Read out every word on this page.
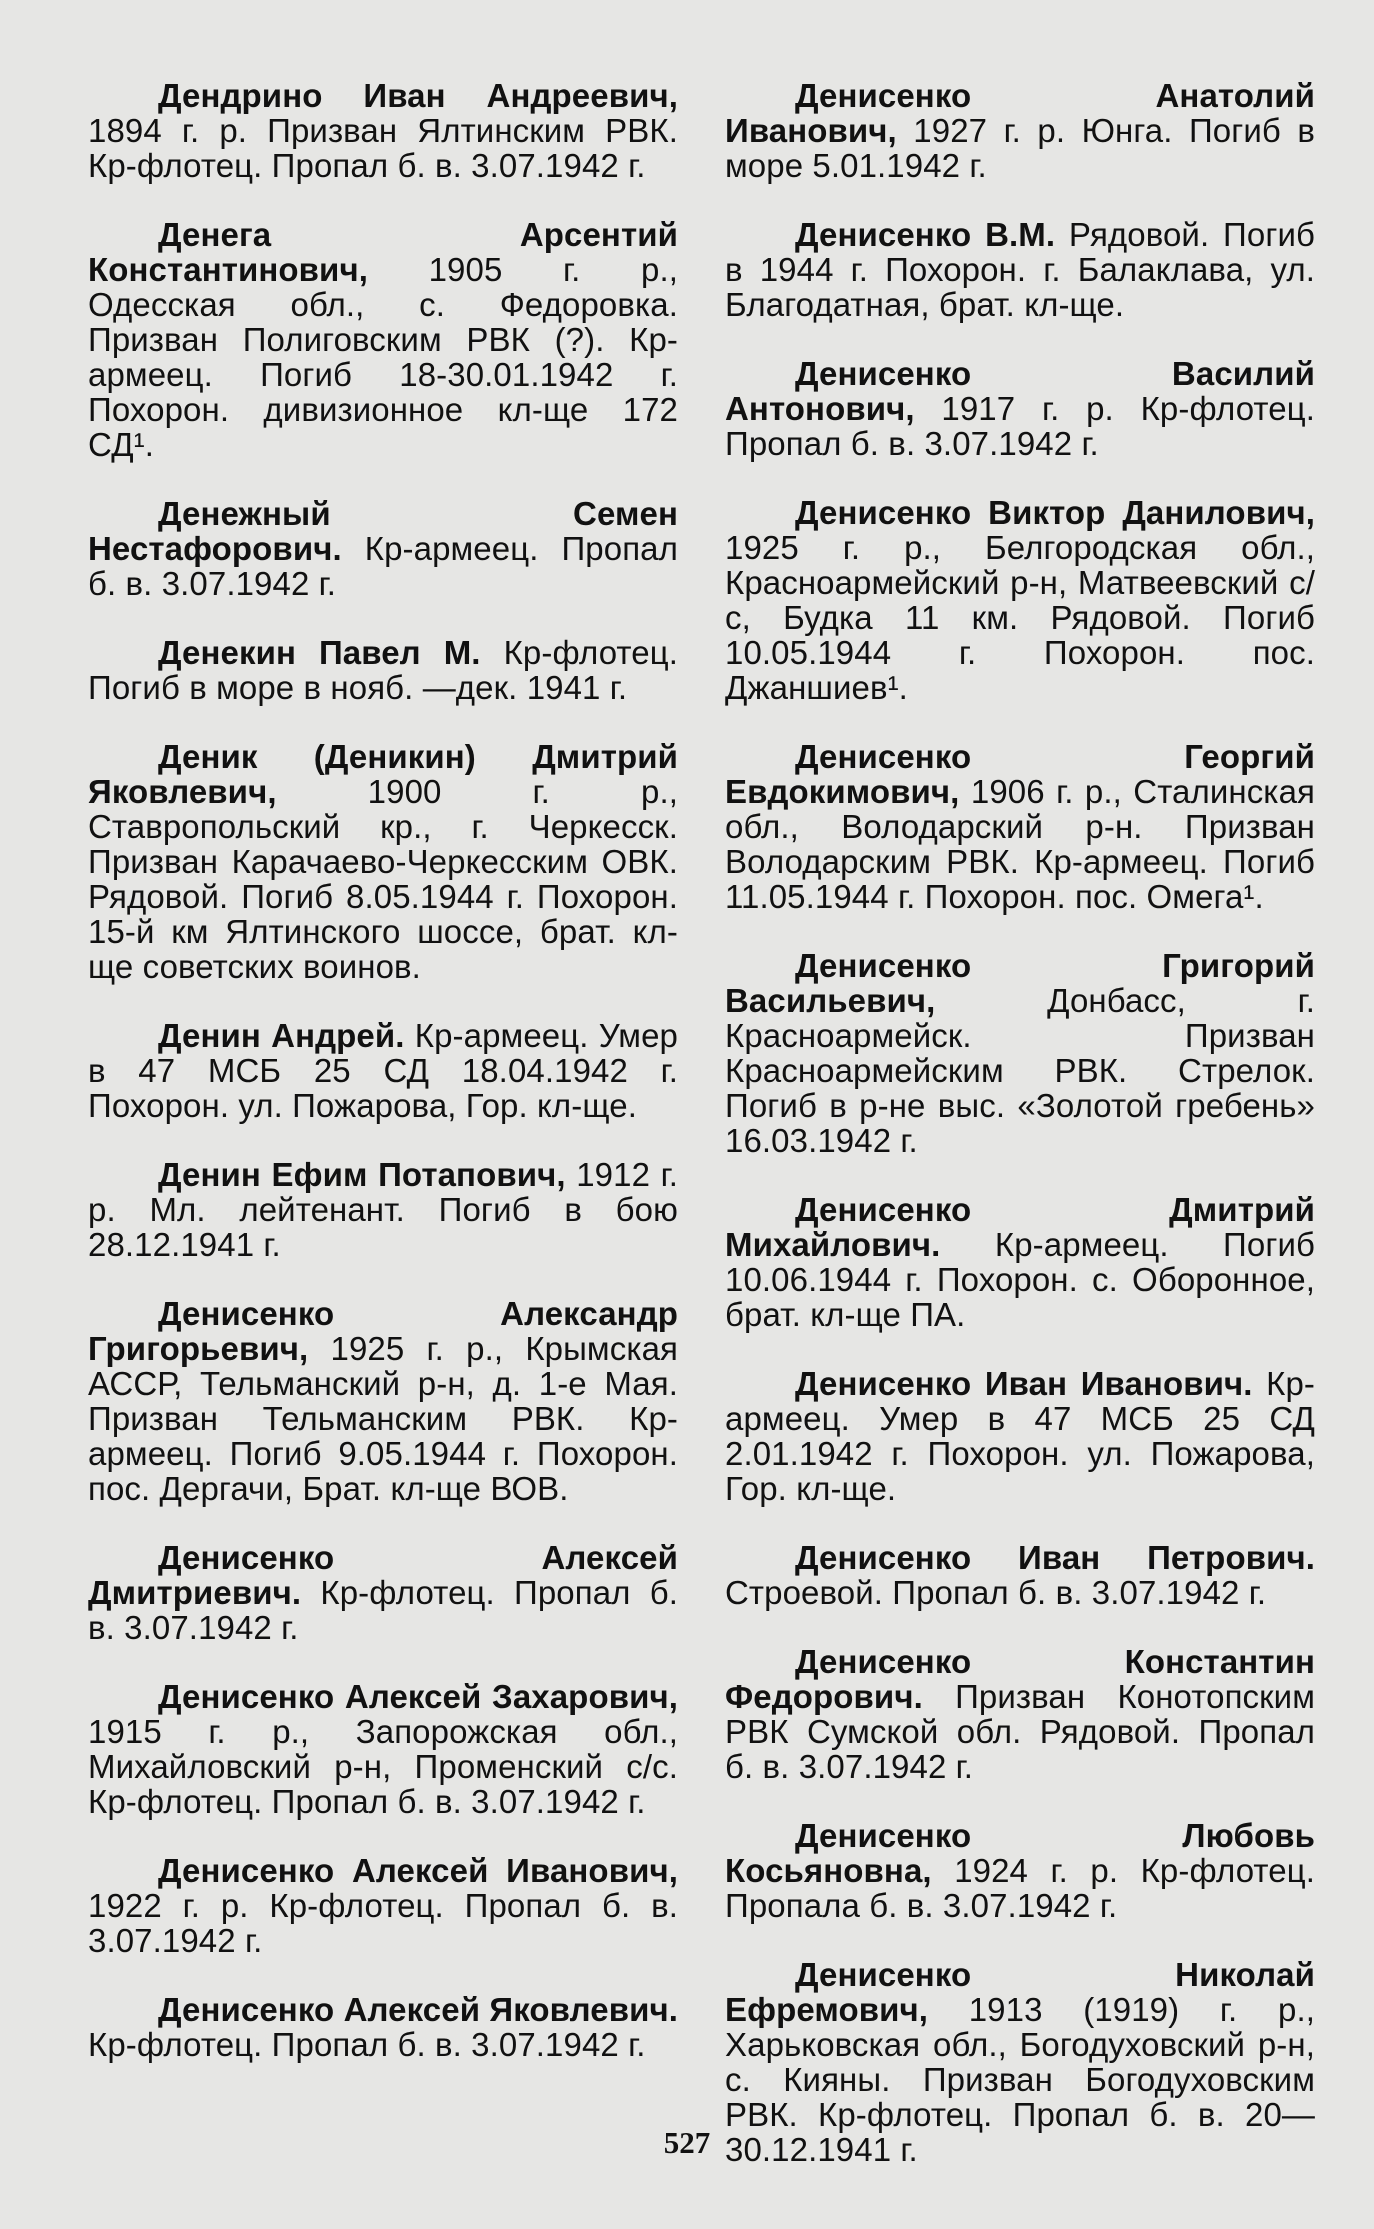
Дендрино Иван Андреевич, 1894 г. р. Призван Ялтинским РВК. Кр-флотец. Пропал б. в. 3.07.1942 г.

Денега Арсентий Константинович, 1905 г. р., Одесская обл., с. Федоровка. Призван Полиговским РВК (?). Кр-армеец. Погиб 18-30.01.1942 г. Похорон. дивизионное кл-ще 172 СД¹.

Денежный Семен Нестафорович. Кр-армеец. Пропал б. в. 3.07.1942 г.

Денекин Павел М. Кр-флотец. Погиб в море в нояб. —дек. 1941 г.

Деник (Деникин) Дмитрий Яковлевич, 1900 г. р., Ставропольский кр., г. Черкесск. Призван Карачаево-Черкесским ОВК. Рядовой. Погиб 8.05.1944 г. Похорон. 15-й км Ялтинского шоссе, брат. кл-ще советских воинов.

Денин Андрей. Кр-армеец. Умер в 47 МСБ 25 СД 18.04.1942 г. Похорон. ул. Пожарова, Гор. кл-ще.

Денин Ефим Потапович, 1912 г. р. Мл. лейтенант. Погиб в бою 28.12.1941 г.

Денисенко Александр Григорьевич, 1925 г. р., Крымская АССР, Тельманский р-н, д. 1-е Мая. Призван Тельманским РВК. Кр-армеец. Погиб 9.05.1944 г. Похорон. пос. Дергачи, Брат. кл-ще ВОВ.

Денисенко Алексей Дмитриевич. Кр-флотец. Пропал б. в. 3.07.1942 г.

Денисенко Алексей Захарович, 1915 г. р., Запорожская обл., Михайловский р-н, Променский с/с. Кр-флотец. Пропал б. в. 3.07.1942 г.

Денисенко Алексей Иванович, 1922 г. р. Кр-флотец. Пропал б. в. 3.07.1942 г.

Денисенко Алексей Яковлевич. Кр-флотец. Пропал б. в. 3.07.1942 г.

Денисенко Анатолий Иванович, 1927 г. р. Юнга. Погиб в море 5.01.1942 г.

Денисенко В.М. Рядовой. Погиб в 1944 г. Похорон. г. Балаклава, ул. Благодатная, брат. кл-ще.

Денисенко Василий Антонович, 1917 г. р. Кр-флотец. Пропал б. в. 3.07.1942 г.

Денисенко Виктор Данилович, 1925 г. р., Белгородская обл., Красноармейский р-н, Матвеевский с/с, Будка 11 км. Рядовой. Погиб 10.05.1944 г. Похорон. пос. Джаншиев¹.

Денисенко Георгий Евдокимович, 1906 г. р., Сталинская обл., Володарский р-н. Призван Володарским РВК. Кр-армеец. Погиб 11.05.1944 г. Похорон. пос. Омега¹.

Денисенко Григорий Васильевич, Донбасс, г. Красноармейск. Призван Красноармейским РВК. Стрелок. Погиб в р-не выс. «Золотой гребень» 16.03.1942 г.

Денисенко Дмитрий Михайлович. Кр-армеец. Погиб 10.06.1944 г. Похорон. с. Оборонное, брат. кл-ще ПА.

Денисенко Иван Иванович. Кр-армеец. Умер в 47 МСБ 25 СД 2.01.1942 г. Похорон. ул. Пожарова, Гор. кл-ще.

Денисенко Иван Петрович. Строевой. Пропал б. в. 3.07.1942 г.

Денисенко Константин Федорович. Призван Конотопским РВК Сумской обл. Рядовой. Пропал б. в. 3.07.1942 г.

Денисенко Любовь Косьяновна, 1924 г. р. Кр-флотец. Пропала б. в. 3.07.1942 г.

Денисенко Николай Ефремович, 1913 (1919) г. р., Харьковская обл., Богодуховский р-н, с. Кияны. Призван Богодуховским РВК. Кр-флотец. Пропал б. в. 20—30.12.1941 г.

527
